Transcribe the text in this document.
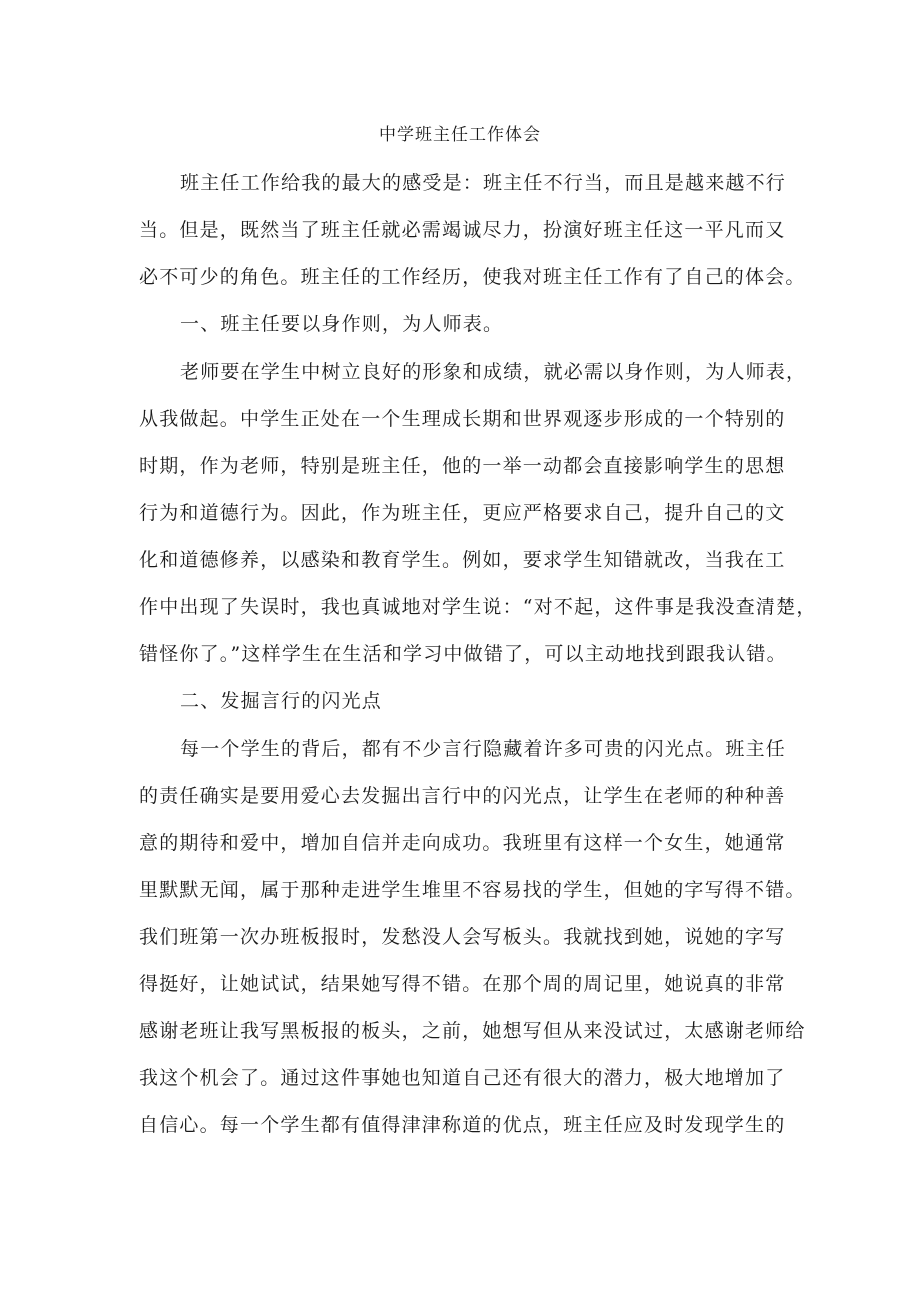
中学班主任工作体会
班主任工作给我的最大的感受是：班主任不行当，而且是越来越不行
当。但是，既然当了班主任就必需竭诚尽力，扮演好班主任这一平凡而又
必不可少的角色。班主任的工作经历，使我对班主任工作有了自己的体会。
一、班主任要以身作则，为人师表。
老师要在学生中树立良好的形象和成绩，就必需以身作则，为人师表，
从我做起。中学生正处在一个生理成长期和世界观逐步形成的一个特别的
时期，作为老师，特别是班主任，他的一举一动都会直接影响学生的思想
行为和道德行为。因此，作为班主任，更应严格要求自己，提升自己的文
化和道德修养，以感染和教育学生。例如，要求学生知错就改，当我在工
作中出现了失误时，我也真诚地对学生说：“对不起，这件事是我没查清楚，
错怪你了。”这样学生在生活和学习中做错了，可以主动地找到跟我认错。
二、发掘言行的闪光点
每一个学生的背后，都有不少言行隐藏着许多可贵的闪光点。班主任
的责任确实是要用爱心去发掘出言行中的闪光点，让学生在老师的种种善
意的期待和爱中，增加自信并走向成功。我班里有这样一个女生，她通常
里默默无闻，属于那种走进学生堆里不容易找的学生，但她的字写得不错。
我们班第一次办班板报时，发愁没人会写板头。我就找到她，说她的字写
得挺好，让她试试，结果她写得不错。在那个周的周记里，她说真的非常
感谢老班让我写黑板报的板头，之前，她想写但从来没试过，太感谢老师给
我这个机会了。通过这件事她也知道自己还有很大的潜力，极大地增加了
自信心。每一个学生都有值得津津称道的优点，班主任应及时发现学生的
